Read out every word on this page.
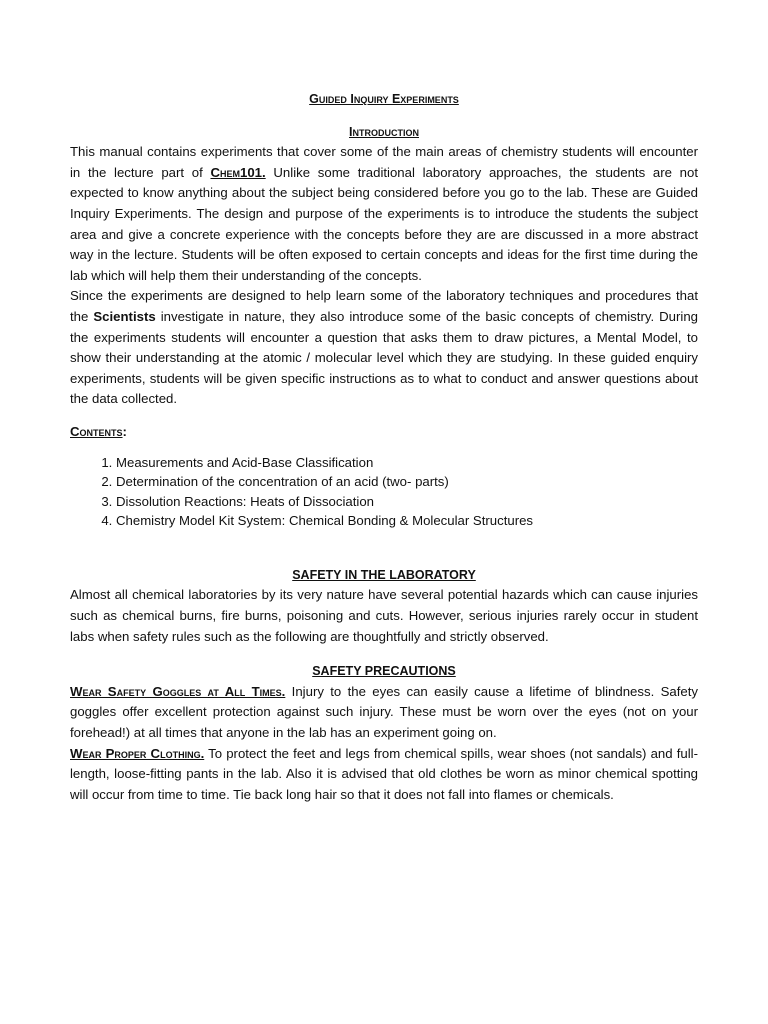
Guided Inquiry Experiments
Introduction

This manual contains experiments that cover some of the main areas of chemistry students will encounter in the lecture part of Chem101. Unlike some traditional laboratory approaches, the students are not expected to know anything about the subject being considered before you go to the lab. These are Guided Inquiry Experiments. The design and purpose of the experiments is to introduce the students the subject area and give a concrete experience with the concepts before they are are discussed in a more abstract way in the lecture. Students will be often exposed to certain concepts and ideas for the first time during the lab which will help them their understanding of the concepts.

Since the experiments are designed to help learn some of the laboratory techniques and procedures that the Scientists investigate in nature, they also introduce some of the basic concepts of chemistry. During the experiments students will encounter a question that asks them to draw pictures, a Mental Model, to show their understanding at the atomic / molecular level which they are studying. In these guided enquiry experiments, students will be given specific instructions as to what to conduct and answer questions about the data collected.

Contents:
1. Measurements and Acid-Base Classification
2. Determination of the concentration of an acid (two- parts)
3. Dissolution Reactions: Heats of Dissociation
4. Chemistry Model Kit System: Chemical Bonding & Molecular Structures
SAFETY IN THE LABORATORY

Almost all chemical laboratories by its very nature have several potential hazards which can cause injuries such as chemical burns, fire burns, poisoning and cuts. However, serious injuries rarely occur in student labs when safety rules such as the following are thoughtfully and strictly observed.

SAFETY PRECAUTIONS

Wear Safety Goggles at All Times. Injury to the eyes can easily cause a lifetime of blindness. Safety goggles offer excellent protection against such injury. These must be worn over the eyes (not on your forehead!) at all times that anyone in the lab has an experiment going on.

Wear Proper Clothing. To protect the feet and legs from chemical spills, wear shoes (not sandals) and full-length, loose-fitting pants in the lab. Also it is advised that old clothes be worn as minor chemical spotting will occur from time to time. Tie back long hair so that it does not fall into flames or chemicals.
